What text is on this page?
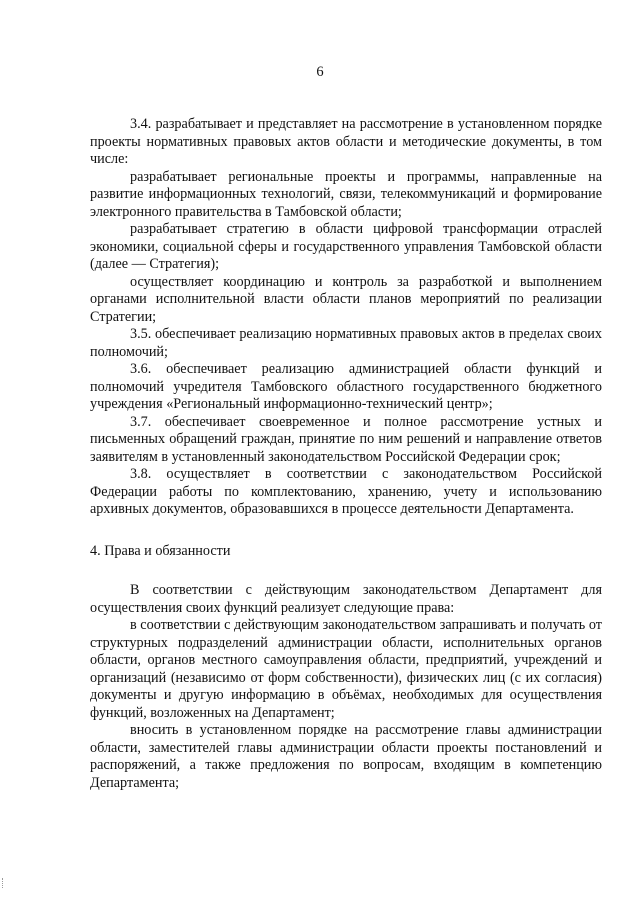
6

3.4. разрабатывает и представляет на рассмотрение в установленном порядке проекты нормативных правовых актов области и методические документы, в том числе:

разрабатывает региональные проекты и программы, направленные на развитие информационных технологий, связи, телекоммуникаций и формирование электронного правительства в Тамбовской области;

разрабатывает стратегию в области цифровой трансформации отраслей экономики, социальной сферы и государственного управления Тамбовской области (далее — Стратегия);

осуществляет координацию и контроль за разработкой и выполнением органами исполнительной власти области планов мероприятий по реализации Стратегии;

3.5. обеспечивает реализацию нормативных правовых актов в пределах своих полномочий;

3.6. обеспечивает реализацию администрацией области функций и полномочий учредителя Тамбовского областного государственного бюджетного учреждения «Региональный информационно-технический центр»;

3.7. обеспечивает своевременное и полное рассмотрение устных и письменных обращений граждан, принятие по ним решений и направление ответов заявителям в установленный законодательством Российской Федерации срок;

3.8. осуществляет в соответствии с законодательством Российской Федерации работы по комплектованию, хранению, учету и использованию архивных документов, образовавшихся в процессе деятельности Департамента.

4. Права и обязанности

В соответствии с действующим законодательством Департамент для осуществления своих функций реализует следующие права:

в соответствии с действующим законодательством запрашивать и получать от структурных подразделений администрации области, исполнительных органов области, органов местного самоуправления области, предприятий, учреждений и организаций (независимо от форм собственности), физических лиц (с их согласия) документы и другую информацию в объёмах, необходимых для осуществления функций, возложенных на Департамент;

вносить в установленном порядке на рассмотрение главы администрации области, заместителей главы администрации области проекты постановлений и распоряжений, а также предложения по вопросам, входящим в компетенцию Департамента;
